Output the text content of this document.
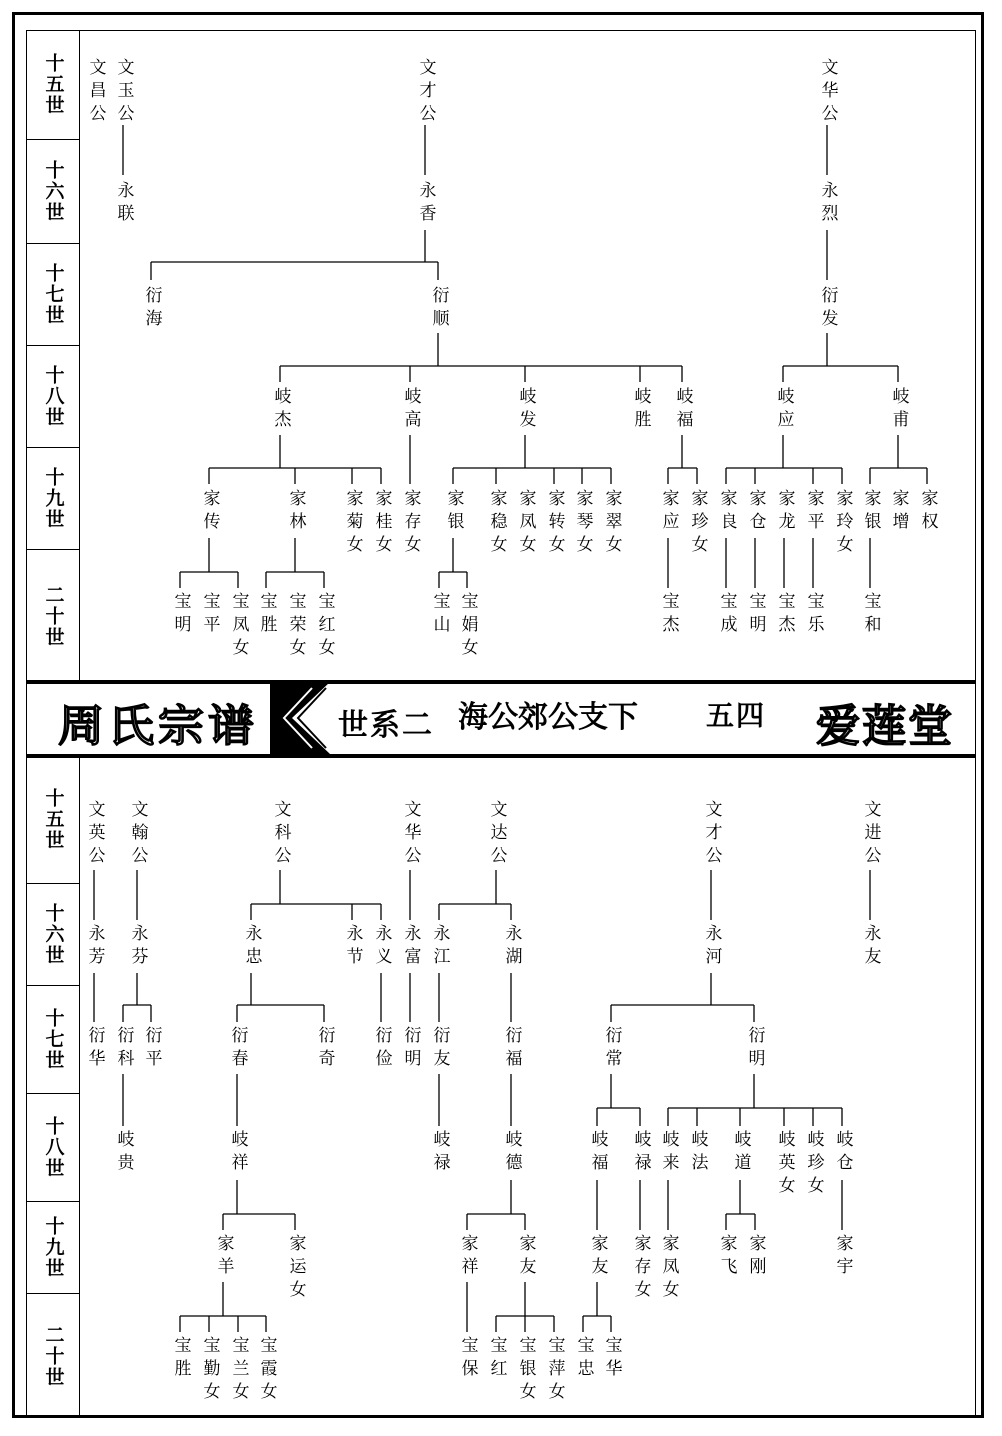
十五世
十六世
十七世
十八世
十九世
二十世
十五世
十六世
十七世
十八世
十九世
二十世
周氏宗谱	世系二 海公郊公支下 五四 爱莲堂
文昌公 文玉公	文才公	文华公
永联	永香	永烈
衍海	衍顺	衍发
岐杰	岐高	岐发	岐胜 岐福	岐应	岐甫
家传	家林 家菊女 家桂女 家存女 家银 家稳女 家凤女 家转女 家琴女 家翠女 家应 家珍女 家良 家仓 家龙 家平 家玲女 家银 家增 家权
宝明 宝平 宝凤女 宝胜 宝荣女 宝红女	宝山 宝娟女	宝杰 宝成 宝明 宝杰 宝乐 宝和
文英公 文翰公	文科公	文华公	文达公	文才公	文进公
永芳 永芬	永忠	永节 永义 永富 永江	永湖	永河	永友
衍华 衍科 衍平	衍春	衍奇 衍俭 衍明 衍友	衍福	衍常	衍明
岐贵	岐祥	岐禄	岐德	岐福 岐禄 岐来 岐法 岐道 岐英女 岐珍女 岐仓
家羊	家运女	家祥 家友	家友 家存女 家凤女 家飞 家刚	家宇
宝胜 宝勤女 宝兰女 宝霞女	宝保 宝红 宝银女 宝萍女 宝忠 宝华
